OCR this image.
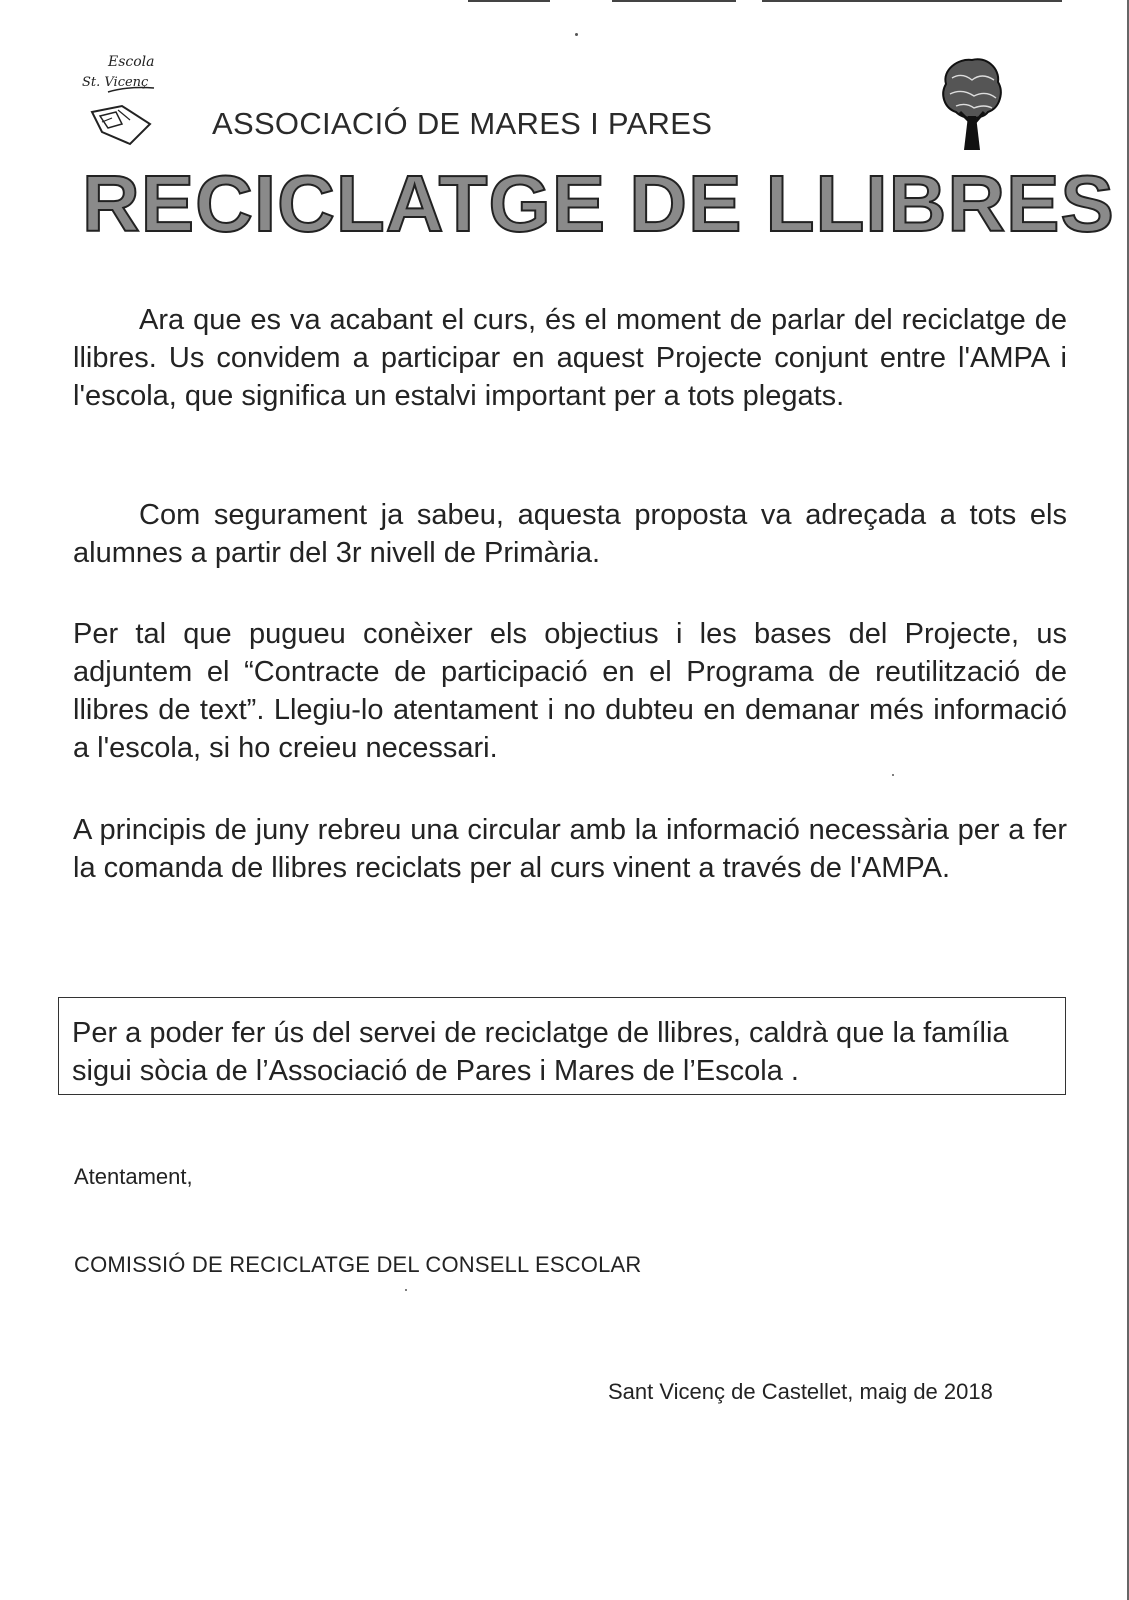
Escola
St. Vicenç
ASSOCIACIÓ DE MARES I PARES
RECICLATGE DE LLIBRES

Ara que es va acabant el curs, és el moment de parlar del reciclatge de llibres. Us convidem a participar en aquest Projecte conjunt entre l'AMPA i l'escola, que significa un estalvi important per a tots plegats.

Com segurament ja sabeu, aquesta proposta va adreçada a tots els alumnes a partir del 3r nivell de Primària.

Per tal que pugueu conèixer els objectius i les bases del Projecte, us adjuntem el “Contracte de participació en el Programa de reutilització de llibres de text”. Llegiu-lo atentament i no dubteu en demanar més informació a l'escola, si ho creieu necessari.

A principis de juny rebreu una circular amb la informació necessària per a fer la comanda de llibres reciclats per al curs vinent a través de l'AMPA.

Per a poder fer ús del servei de reciclatge de llibres, caldrà que la família sigui sòcia de l’Associació de Pares i Mares de l’Escola .

Atentament,
COMISSIÓ DE RECICLATGE DEL CONSELL ESCOLAR
Sant Vicenç de Castellet, maig de 2018
